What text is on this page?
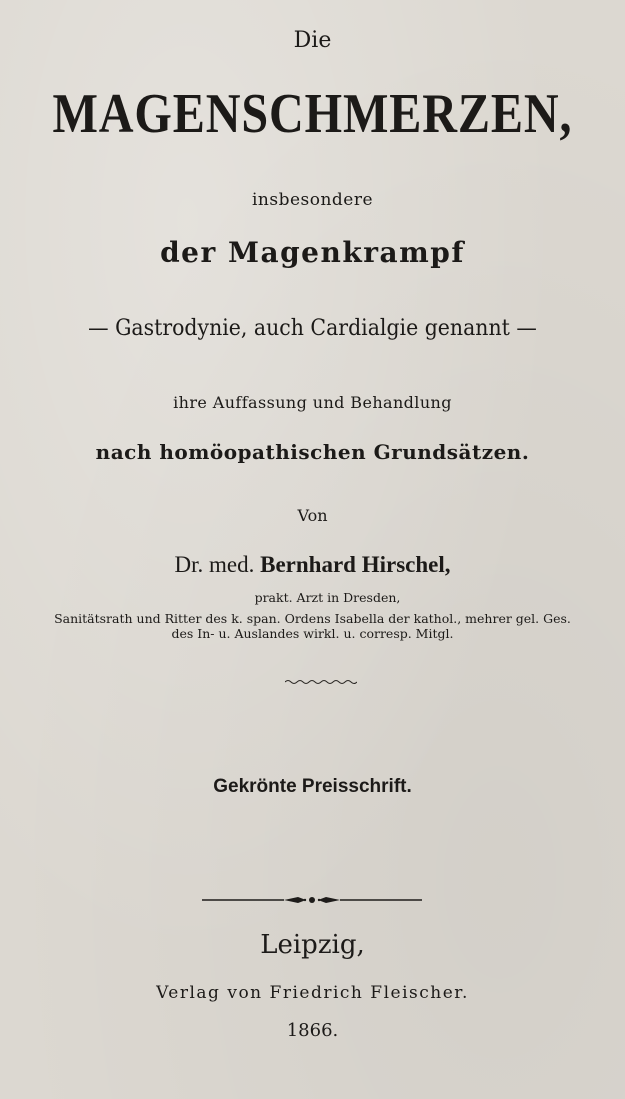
Die

MAGENSCHMERZEN,

insbesondere

der Magenkrampf

— Gastrodynie, auch Cardialgie genannt —

ihre Auffassung und Behandlung

nach homöopathischen Grundsätzen.

Von

Dr. med. Bernhard Hirschel,

prakt. Arzt in Dresden,

Sanitätsrath und Ritter des k. span. Ordens Isabella der kathol., mehrer gel. Ges.

des In- u. Auslandes wirkl. u. corresp. Mitgl.

Gekrönte Preisschrift.

Leipzig,

Verlag von Friedrich Fleischer.

1866.
